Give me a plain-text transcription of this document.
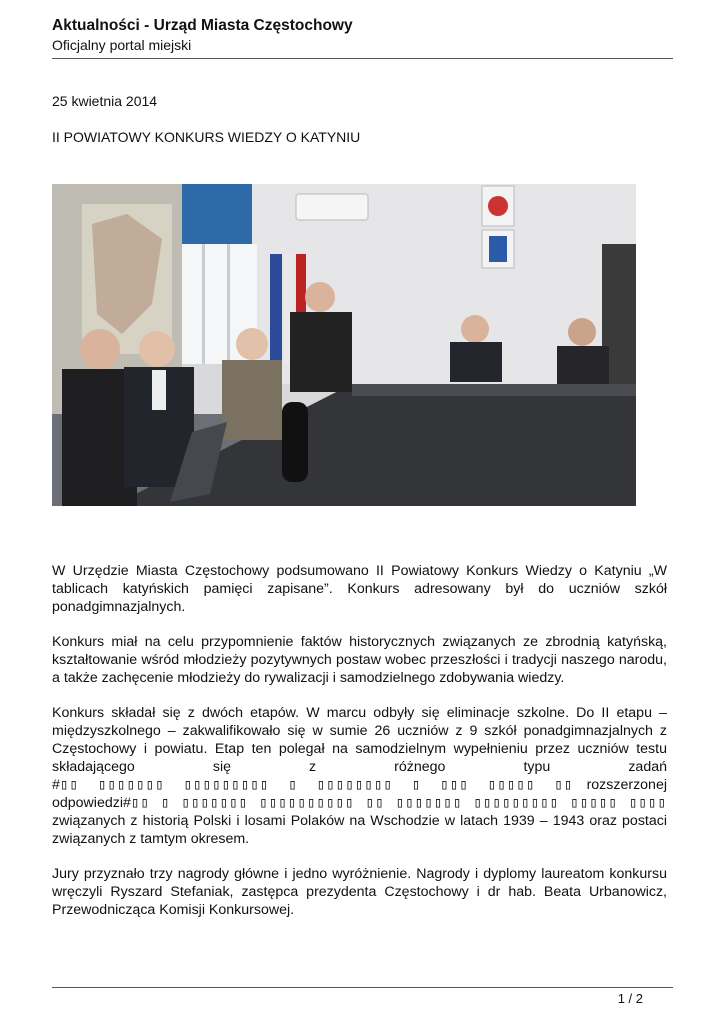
Aktualności - Urząd Miasta Częstochowy
Oficjalny portal miejski
25 kwietnia 2014
II POWIATOWY KONKURS WIEDZY O KATYNIU

W Urzędzie Miasta Częstochowy podsumowano II Powiatowy Konkurs Wiedzy o Katyniu „W tablicach katyńskich pamięci zapisane”. Konkurs adresowany był do uczniów szkół ponadgimnazjalnych.

Konkurs miał na celu przypomnienie faktów historycznych związanych ze zbrodnią katyńską, kształtowanie wśród młodzieży pozytywnych postaw wobec przeszłości i tradycji naszego narodu, a także zachęcenie młodzieży do rywalizacji i samodzielnego zdobywania wiedzy.

Konkurs składał się z dwóch etapów. W marcu odbyły się eliminacje szkolne. Do II etapu – międzyszkolnego – zakwalifikowało się w sumie 26 uczniów z 9 szkół ponadgimnazjalnych z Częstochowy i powiatu. Etap ten polegał na samodzielnym wypełnieniu przez uczniów testu składającego się z różnego typu zadań #▯▯ ▯▯▯▯▯▯▯ ▯▯▯▯▯▯▯▯▯ ▯ ▯▯▯▯▯▯▯▯ ▯ ▯▯▯ ▯▯▯▯▯ ▯▯ rozszerzonej odpowiedzi#▯▯ ▯ ▯▯▯▯▯▯▯ ▯▯▯▯▯▯▯▯▯▯ ▯▯ ▯▯▯▯▯▯▯ ▯▯▯▯▯▯▯▯▯ ▯▯▯▯▯ ▯▯▯▯ związanych z historią Polski i losami Polaków na Wschodzie w latach 1939 – 1943 oraz postaci związanych z tamtym okresem.

Jury przyznało trzy nagrody główne i jedno wyróżnienie. Nagrody i dyplomy laureatom konkursu wręczyli Ryszard Stefaniak, zastępca prezydenta Częstochowy i dr hab. Beata Urbanowicz, Przewodnicząca Komisji Konkursowej.

1 / 2
